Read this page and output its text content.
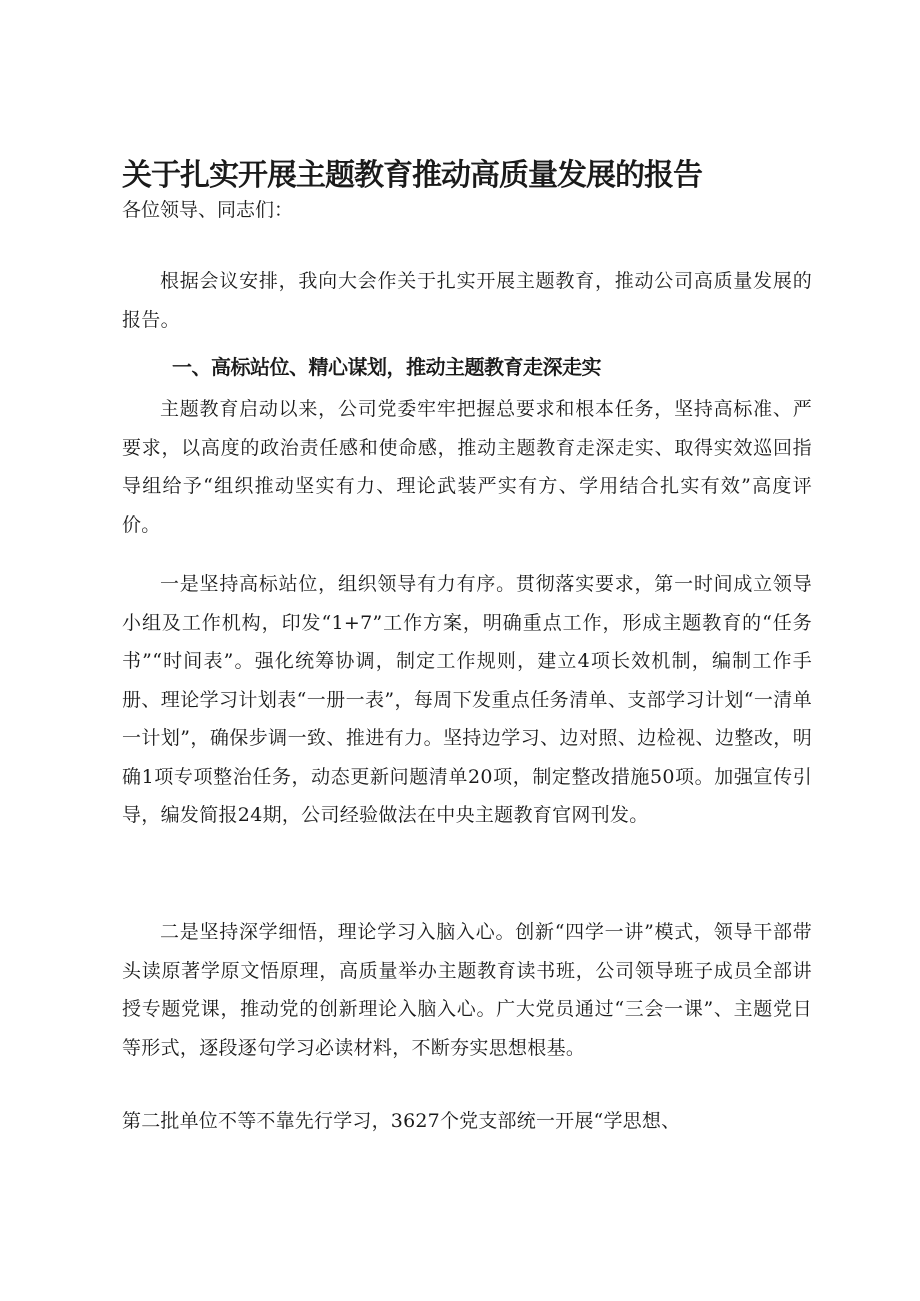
关于扎实开展主题教育推动高质量发展的报告

各位领导、同志们：

根据会议安排，我向大会作关于扎实开展主题教育，推动公司高质量发展的报告。

一、高标站位、精心谋划，推动主题教育走深走实

主题教育启动以来，公司党委牢牢把握总要求和根本任务，坚持高标准、严要求，以高度的政治责任感和使命感，推动主题教育走深走实、取得实效巡回指导组给予“组织推动坚实有力、理论武装严实有方、学用结合扎实有效”高度评价。

一是坚持高标站位，组织领导有力有序。贯彻落实要求，第一时间成立领导小组及工作机构，印发“1+7”工作方案，明确重点工作，形成主题教育的“任务书”“时间表”。强化统筹协调，制定工作规则，建立4项长效机制，编制工作手册、理论学习计划表“一册一表”，每周下发重点任务清单、支部学习计划“一清单一计划”，确保步调一致、推进有力。坚持边学习、边对照、边检视、边整改，明确1项专项整治任务，动态更新问题清单20项，制定整改措施50项。加强宣传引导，编发简报24期，公司经验做法在中央主题教育官网刊发。

二是坚持深学细悟，理论学习入脑入心。创新“四学一讲”模式，领导干部带头读原著学原文悟原理，高质量举办主题教育读书班，公司领导班子成员全部讲授专题党课，推动党的创新理论入脑入心。广大党员通过“三会一课”、主题党日等形式，逐段逐句学习必读材料，不断夯实思想根基。

第二批单位不等不靠先行学习，3627个党支部统一开展“学思想、
